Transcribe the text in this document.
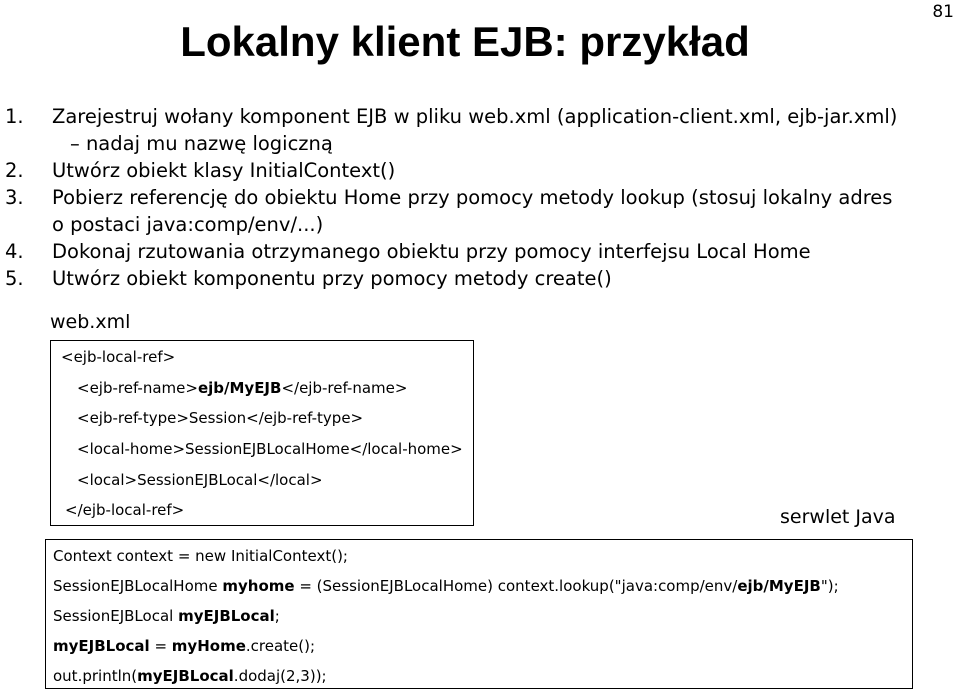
81
Lokalny klient EJB: przykład
1. Zarejestruj wołany komponent EJB w pliku web.xml (application-client.xml, ejb-jar.xml)
– nadaj mu nazwę logiczną
2. Utwórz obiekt klasy InitialContext()
3. Pobierz referencję do obiektu Home przy pomocy metody lookup (stosuj lokalny adres
o postaci java:comp/env/...)
4. Dokonaj rzutowania otrzymanego obiektu przy pomocy interfejsu Local Home
5. Utwórz obiekt komponentu przy pomocy metody create()
web.xml
<ejb-local-ref>
<ejb-ref-name>ejb/MyEJB</ejb-ref-name>
<ejb-ref-type>Session</ejb-ref-type>
<local-home>SessionEJBLocalHome</local-home>
<local>SessionEJBLocal</local>
</ejb-local-ref>	serwlet Java
Context context = new InitialContext();
SessionEJBLocalHome myhome = (SessionEJBLocalHome) context.lookup("java:comp/env/ejb/MyEJB");
SessionEJBLocal myEJBLocal;
myEJBLocal = myHome.create();
out.println(myEJBLocal.dodaj(2,3));
